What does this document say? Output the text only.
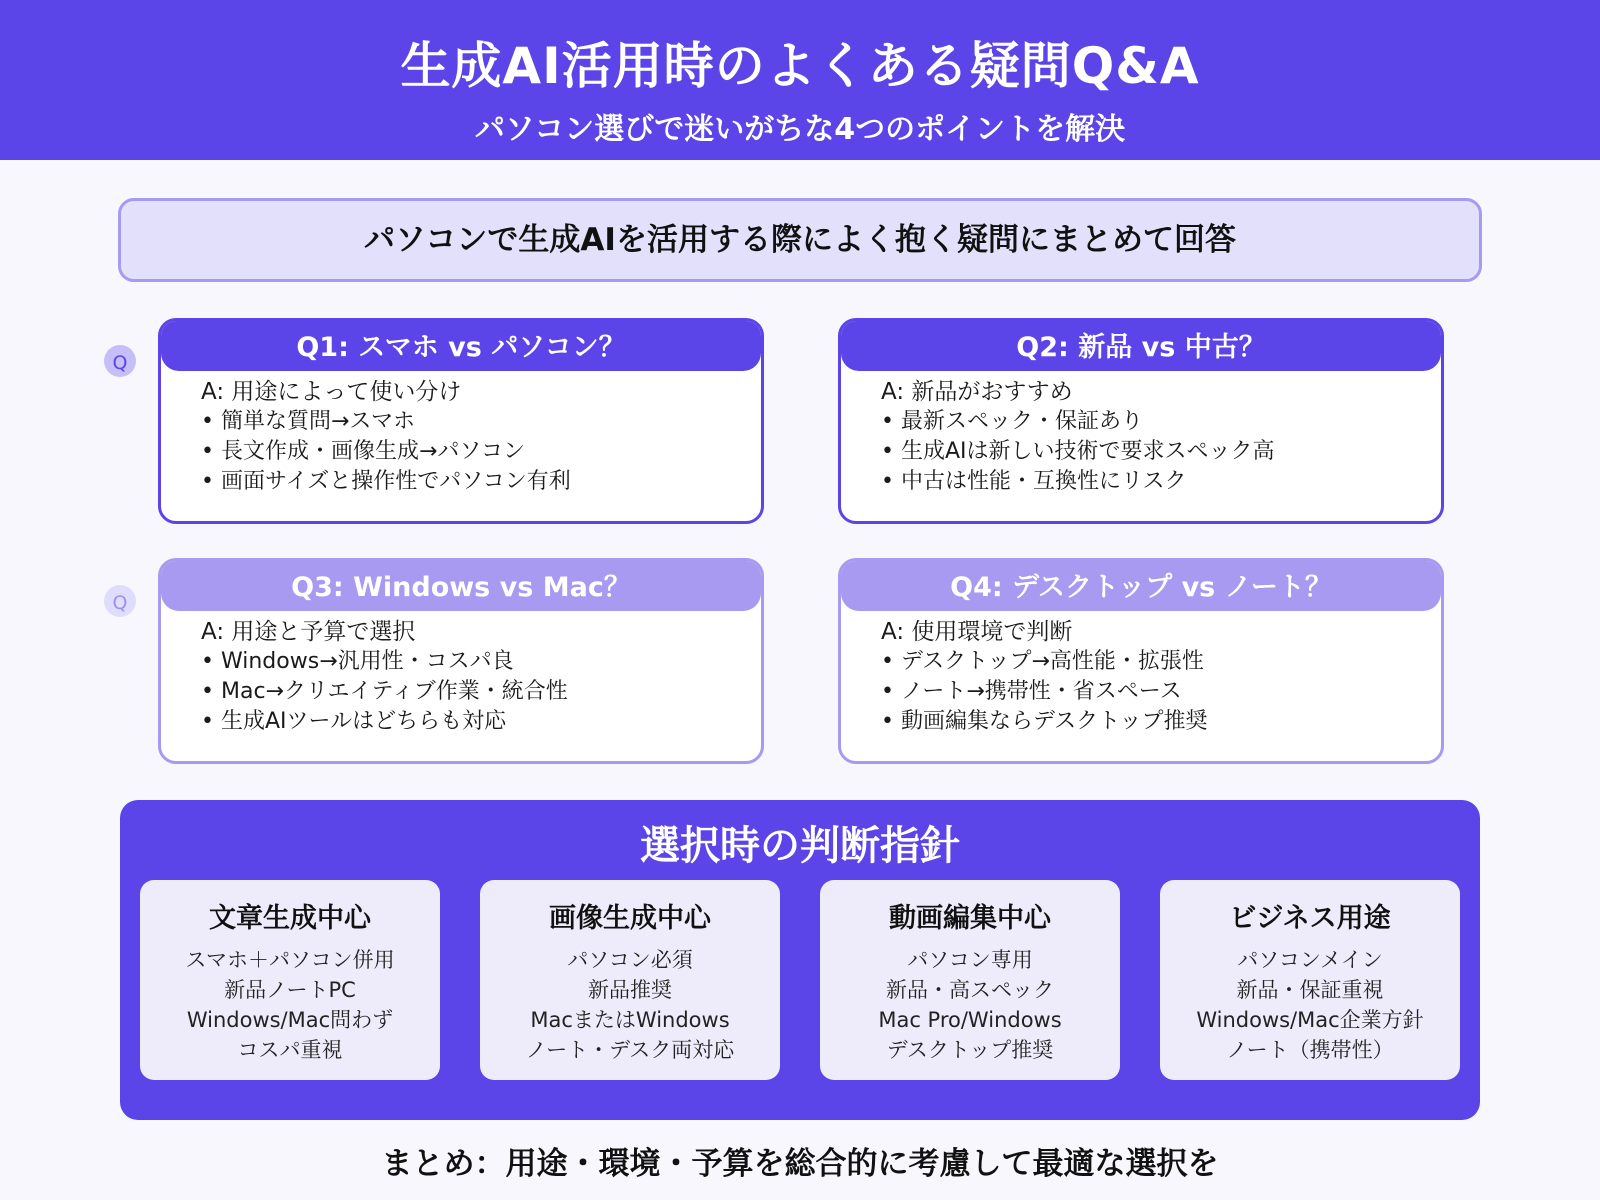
生成AI活用時のよくある疑問Q&A
パソコン選びで迷いがちな4つのポイントを解決
パソコンで生成AIを活用する際によく抱く疑問にまとめて回答
Q
Q
Q1: スマホ vs パソコン？
A: 用途によって使い分け
• 簡単な質問→スマホ
• 長文作成・画像生成→パソコン
• 画面サイズと操作性でパソコン有利
Q2: 新品 vs 中古？
A: 新品がおすすめ
• 最新スペック・保証あり
• 生成AIは新しい技術で要求スペック高
• 中古は性能・互換性にリスク
Q3: Windows vs Mac？
A: 用途と予算で選択
• Windows→汎用性・コスパ良
• Mac→クリエイティブ作業・統合性
• 生成AIツールはどちらも対応
Q4: デスクトップ vs ノート？
A: 使用環境で判断
• デスクトップ→高性能・拡張性
• ノート→携帯性・省スペース
• 動画編集ならデスクトップ推奨
選択時の判断指針
文章生成中心
スマホ＋パソコン併用
新品ノートPC
Windows/Mac問わず
コスパ重視
画像生成中心
パソコン必須
新品推奨
MacまたはWindows
ノート・デスク両対応
動画編集中心
パソコン専用
新品・高スペック
Mac Pro/Windows
デスクトップ推奨
ビジネス用途
パソコンメイン
新品・保証重視
Windows/Mac企業方針
ノート（携帯性）
まとめ：用途・環境・予算を総合的に考慮して最適な選択を
